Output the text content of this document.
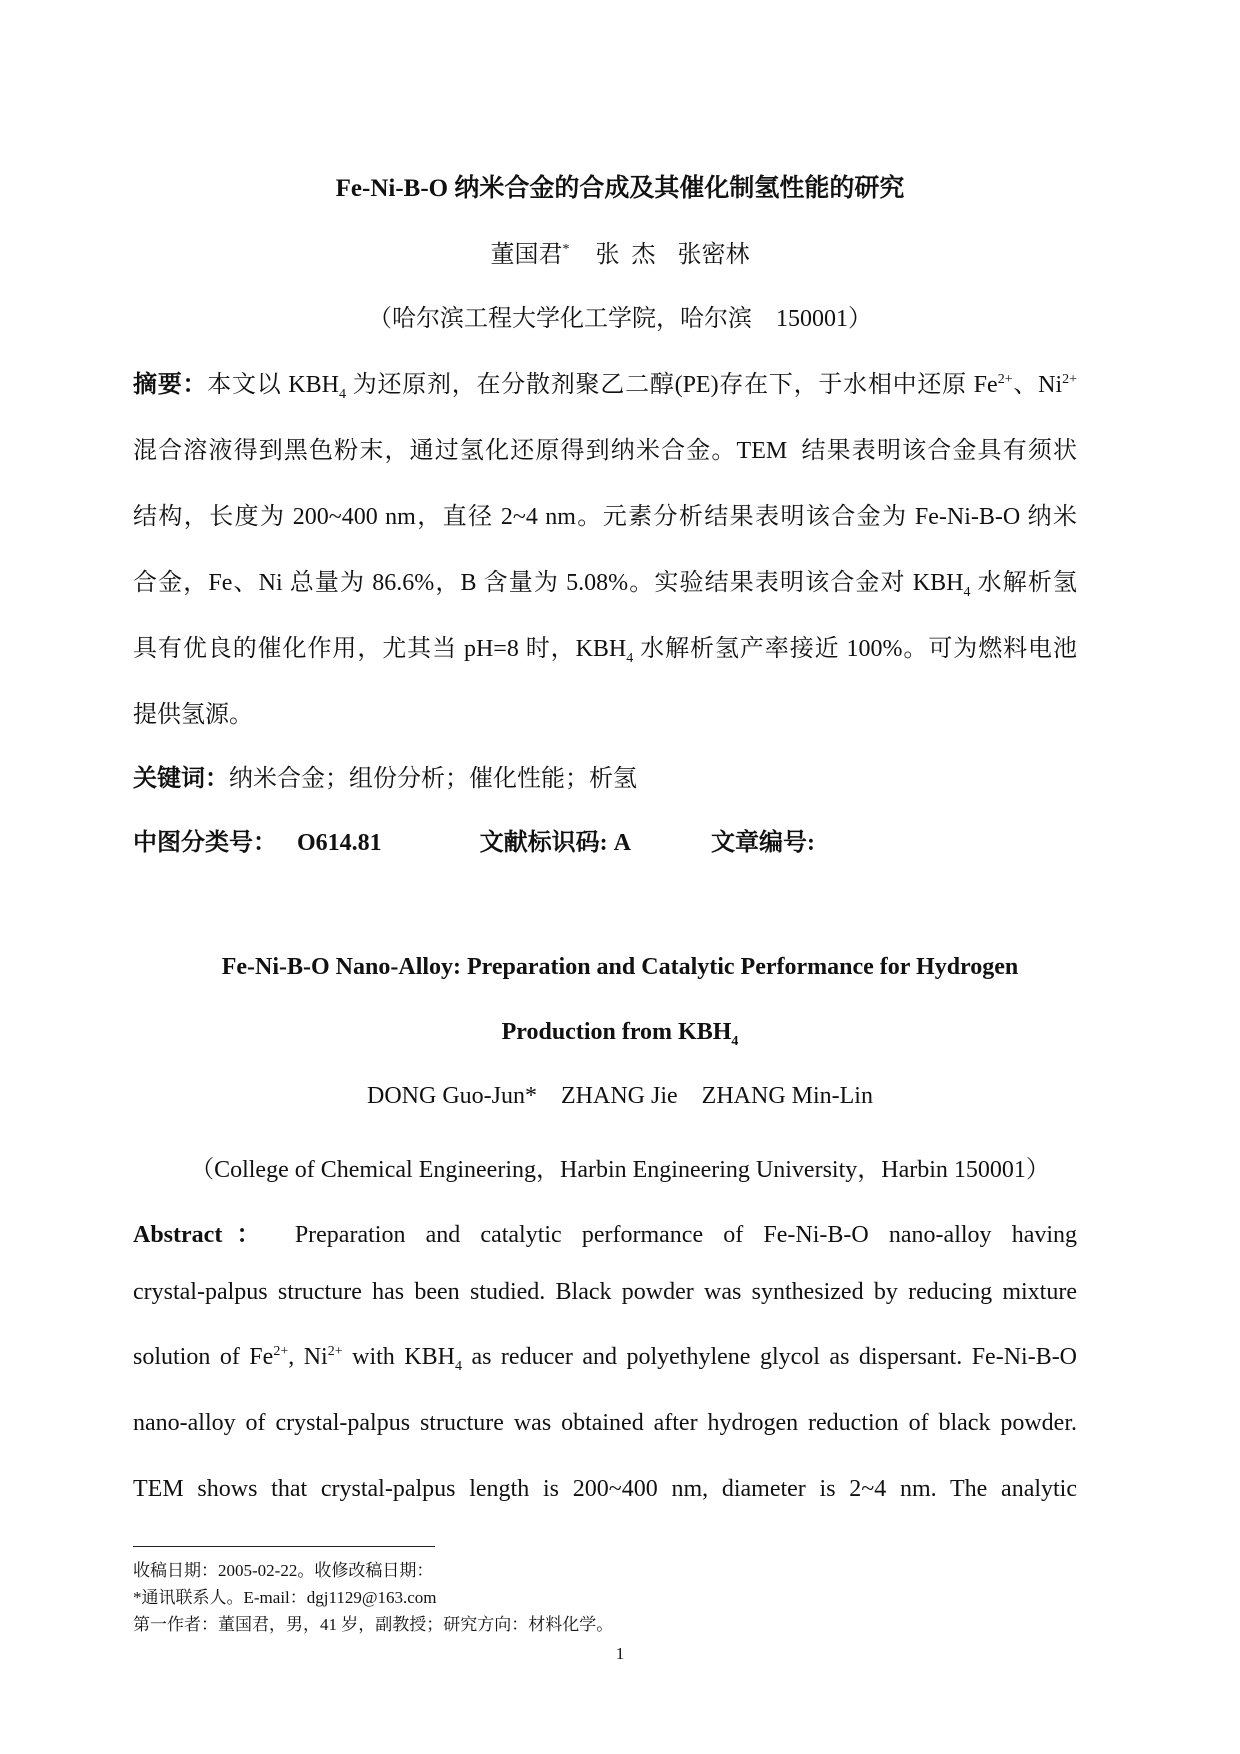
Fe-Ni-B-O 纳米合金的合成及其催化制氢性能的研究
董国君* 张  杰 张密林
（哈尔滨工程大学化工学院，哈尔滨    150001）
摘要：本文以 $KBH_4$ 为还原剂，在分散剂聚乙二醇(PE)存在下，于水相中还原 $Fe^{2+}$、$Ni^{2+}$
混合溶液得到黑色粉末，通过氢化还原得到纳米合金。TEM  结果表明该合金具有须状
结构，长度为 200~400 nm，直径 2~4 nm。元素分析结果表明该合金为 Fe-Ni-B-O 纳米
合金，Fe、Ni 总量为 86.6%，B 含量为 5.08%。实验结果表明该合金对 $KBH_4$ 水解析氢
具有优良的催化作用，尤其当 pH=8 时，$KBH_4$ 水解析氢产率接近 100%。可为燃料电池
提供氢源。
关键词：纳米合金；组份分析；催化性能；析氢
中图分类号： O614.81	文献标识码: A	文章编号:
Fe-Ni-B-O Nano-Alloy: Preparation and Catalytic Performance for Hydrogen
Production from $KBH_4$
DONG Guo-Jun*    ZHANG Jie    ZHANG Min-Lin
（College of Chemical Engineering，Harbin Engineering University，Harbin 150001）
Abstract： Preparation and catalytic performance of Fe-Ni-B-O nano-alloy having
crystal-palpus structure has been studied. Black powder was synthesized by reducing mixture
solution of $Fe^{2+}$, $Ni^{2+}$ with $KBH_4$ as reducer and polyethylene glycol as dispersant. Fe-Ni-B-O
nano-alloy of crystal-palpus structure was obtained after hydrogen reduction of black powder.
TEM shows that crystal-palpus length is 200~400 nm, diameter is 2~4 nm. The analytic
收稿日期：2005-02-22。收修改稿日期：
*通讯联系人。E-mail：dgj1129@163.com
第一作者：董国君，男，41 岁，副教授；研究方向：材料化学。
1
